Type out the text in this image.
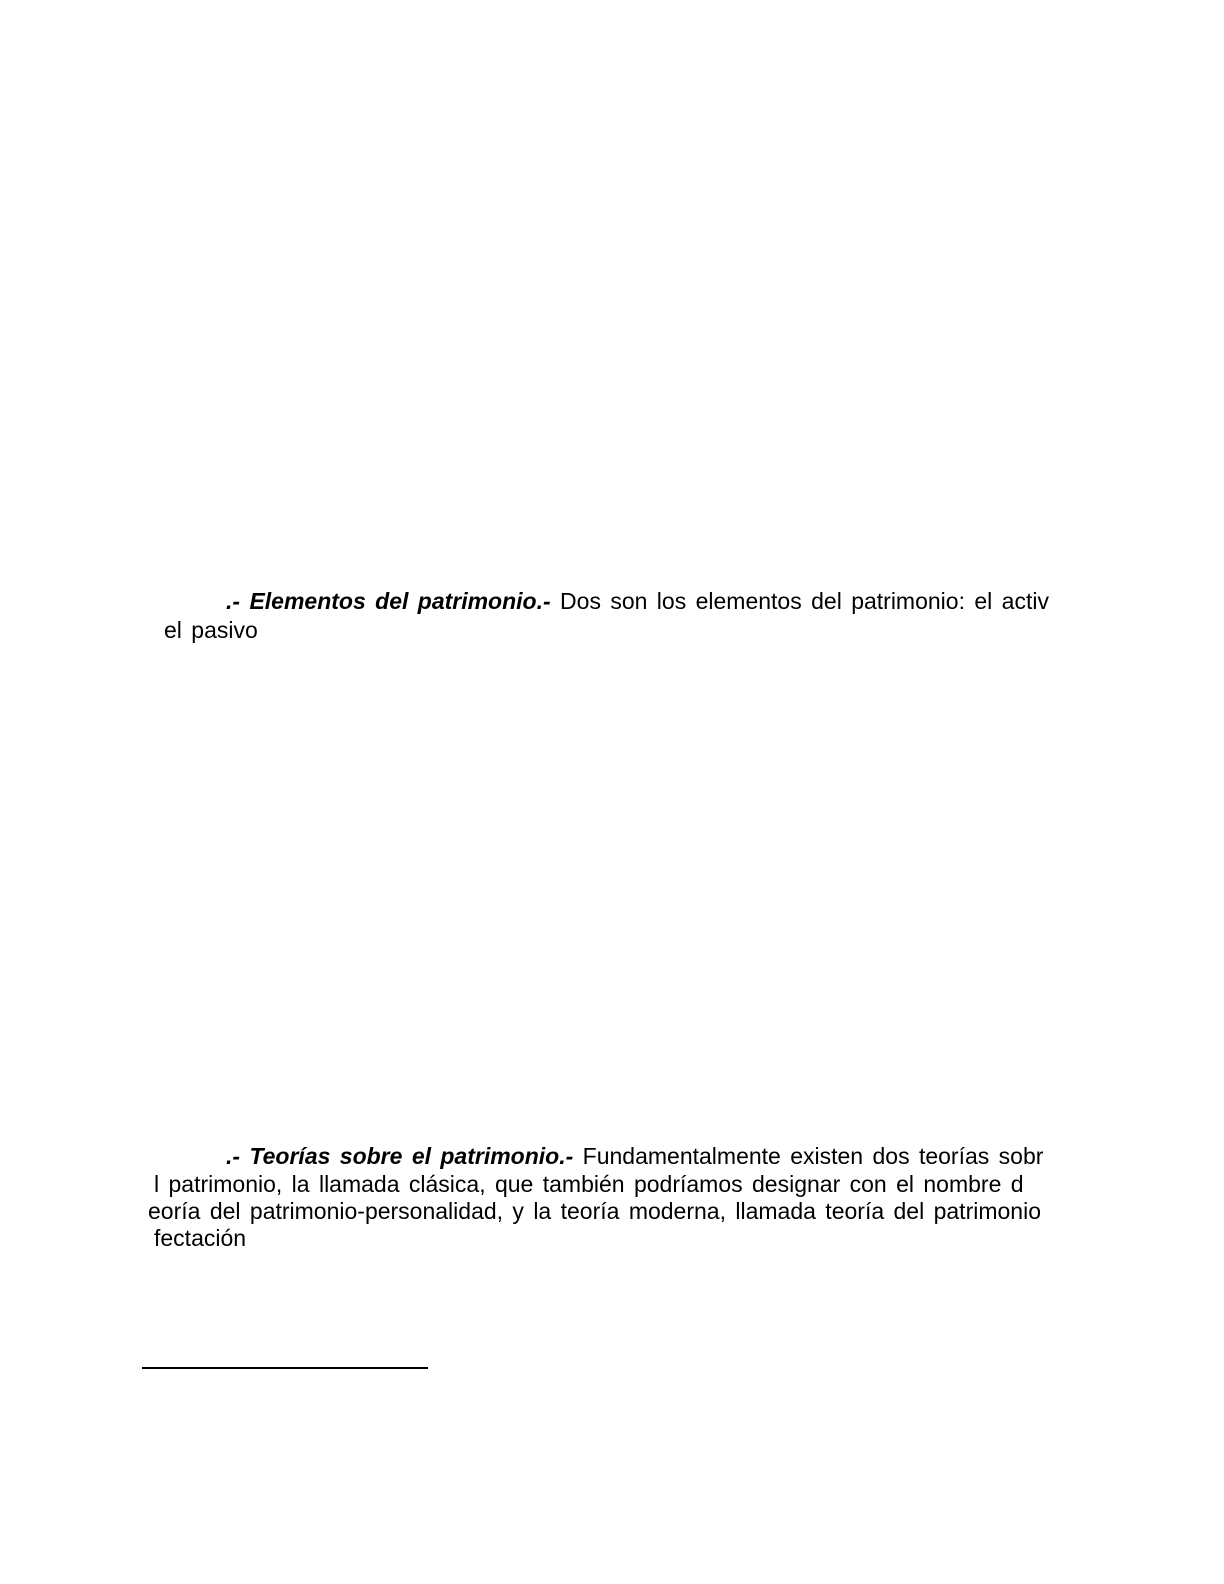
.- Elementos del patrimonio.- Dos son los elementos del patrimonio: el activ
el pasivo
.- Teorías sobre el patrimonio.- Fundamentalmente existen dos teorías sobr
l patrimonio, la llamada clásica, que también podríamos designar con el nombre d
eoría del patrimonio-personalidad, y la teoría moderna, llamada teoría del patrimonio
fectación
